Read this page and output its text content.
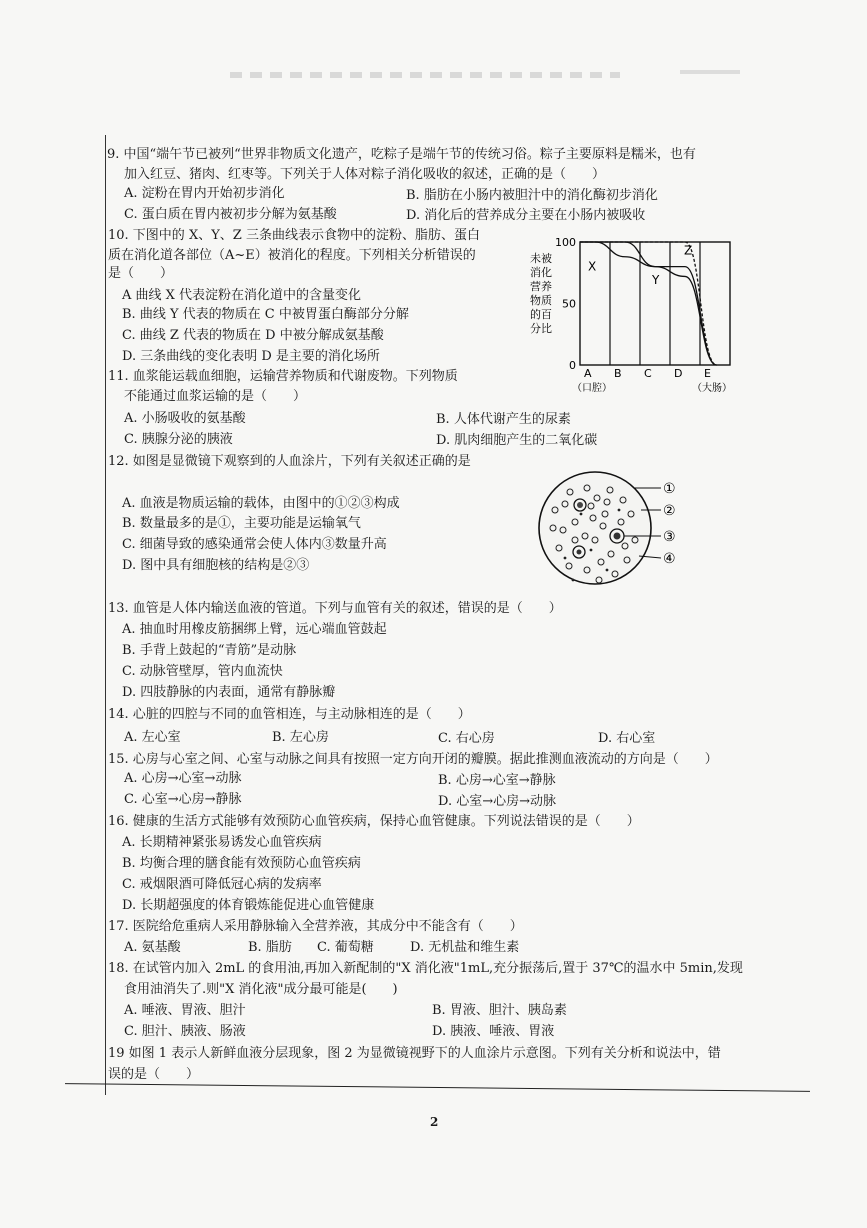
9. 中国“端午节已被列“世界非物质文化遗产，吃粽子是端午节的传统习俗。粽子主要原料是糯米，也有
加入红豆、猪肉、红枣等。下列关于人体对粽子消化吸收的叙述，正确的是（　　）
A. 淀粉在胃内开始初步消化	B. 脂肪在小肠内被胆汁中的消化酶初步消化
C. 蛋白质在胃内被初步分解为氨基酸	D. 消化后的营养成分主要在小肠内被吸收
10. 下图中的 X、Y、Z 三条曲线表示食物中的淀粉、脂肪、蛋白
质在消化道各部位（A~E）被消化的程度。下列相关分析错误的
是（　　）
A 曲线 X 代表淀粉在消化道中的含量变化
B. 曲线 Y 代表的物质在 C 中被胃蛋白酶部分分解
C. 曲线 Z 代表的物质在 D 中被分解成氨基酸
D. 三条曲线的变化表明 D 是主要的消化场所
未被
消化
营养
物质
的百
分比
100
50
0
A
（口腔）
B C D E
（大肠）
X
Y
Z
11. 血浆能运载血细胞，运输营养物质和代谢废物。下列物质
不能通过血浆运输的是（　　）
A. 小肠吸收的氨基酸	B. 人体代谢产生的尿素
C. 胰腺分泌的胰液	D. 肌肉细胞产生的二氧化碳
12. 如图是显微镜下观察到的人血涂片，下列有关叙述正确的是
A. 血液是物质运输的载体，由图中的①②③构成
B. 数量最多的是①，主要功能是运输氧气
C. 细菌导致的感染通常会使人体内③数量升高
D. 图中具有细胞核的结构是②③
①
②
③
④
13. 血管是人体内输送血液的管道。下列与血管有关的叙述，错误的是（　　）
A. 抽血时用橡皮筋捆绑上臂，远心端血管鼓起
B. 手背上鼓起的“青筋”是动脉
C. 动脉管壁厚，管内血流快
D. 四肢静脉的内表面，通常有静脉瓣
14. 心脏的四腔与不同的血管相连，与主动脉相连的是（　　）
A. 左心室	B. 左心房	C. 右心房	D. 右心室
15. 心房与心室之间、心室与动脉之间具有按照一定方向开闭的瓣膜。据此推测血液流动的方向是（　　）
A. 心房→心室→动脉	B. 心房→心室→静脉
C. 心室→心房→静脉	D. 心室→心房→动脉
16. 健康的生活方式能够有效预防心血管疾病，保持心血管健康。下列说法错误的是（　　）
A. 长期精神紧张易诱发心血管疾病
B. 均衡合理的膳食能有效预防心血管疾病
C. 戒烟限酒可降低冠心病的发病率
D. 长期超强度的体育锻炼能促进心血管健康
17. 医院给危重病人采用静脉输入全营养液，其成分中不能含有（　　）
A. 氨基酸	B. 脂肪 C. 葡萄糖	D. 无机盐和维生素
18. 在试管内加入 2mL 的食用油,再加入新配制的"X 消化液"1mL,充分振荡后,置于 37℃的温水中 5min,发现
食用油消失了.则"X 消化液"成分最可能是(　　)
A. 唾液、胃液、胆汁	B. 胃液、胆汁、胰岛素
C. 胆汁、胰液、肠液	D. 胰液、唾液、胃液
19 如图 1 表示人新鲜血液分层现象，图 2 为显微镜视野下的人血涂片示意图。下列有关分析和说法中，错
误的是（　　）
2
